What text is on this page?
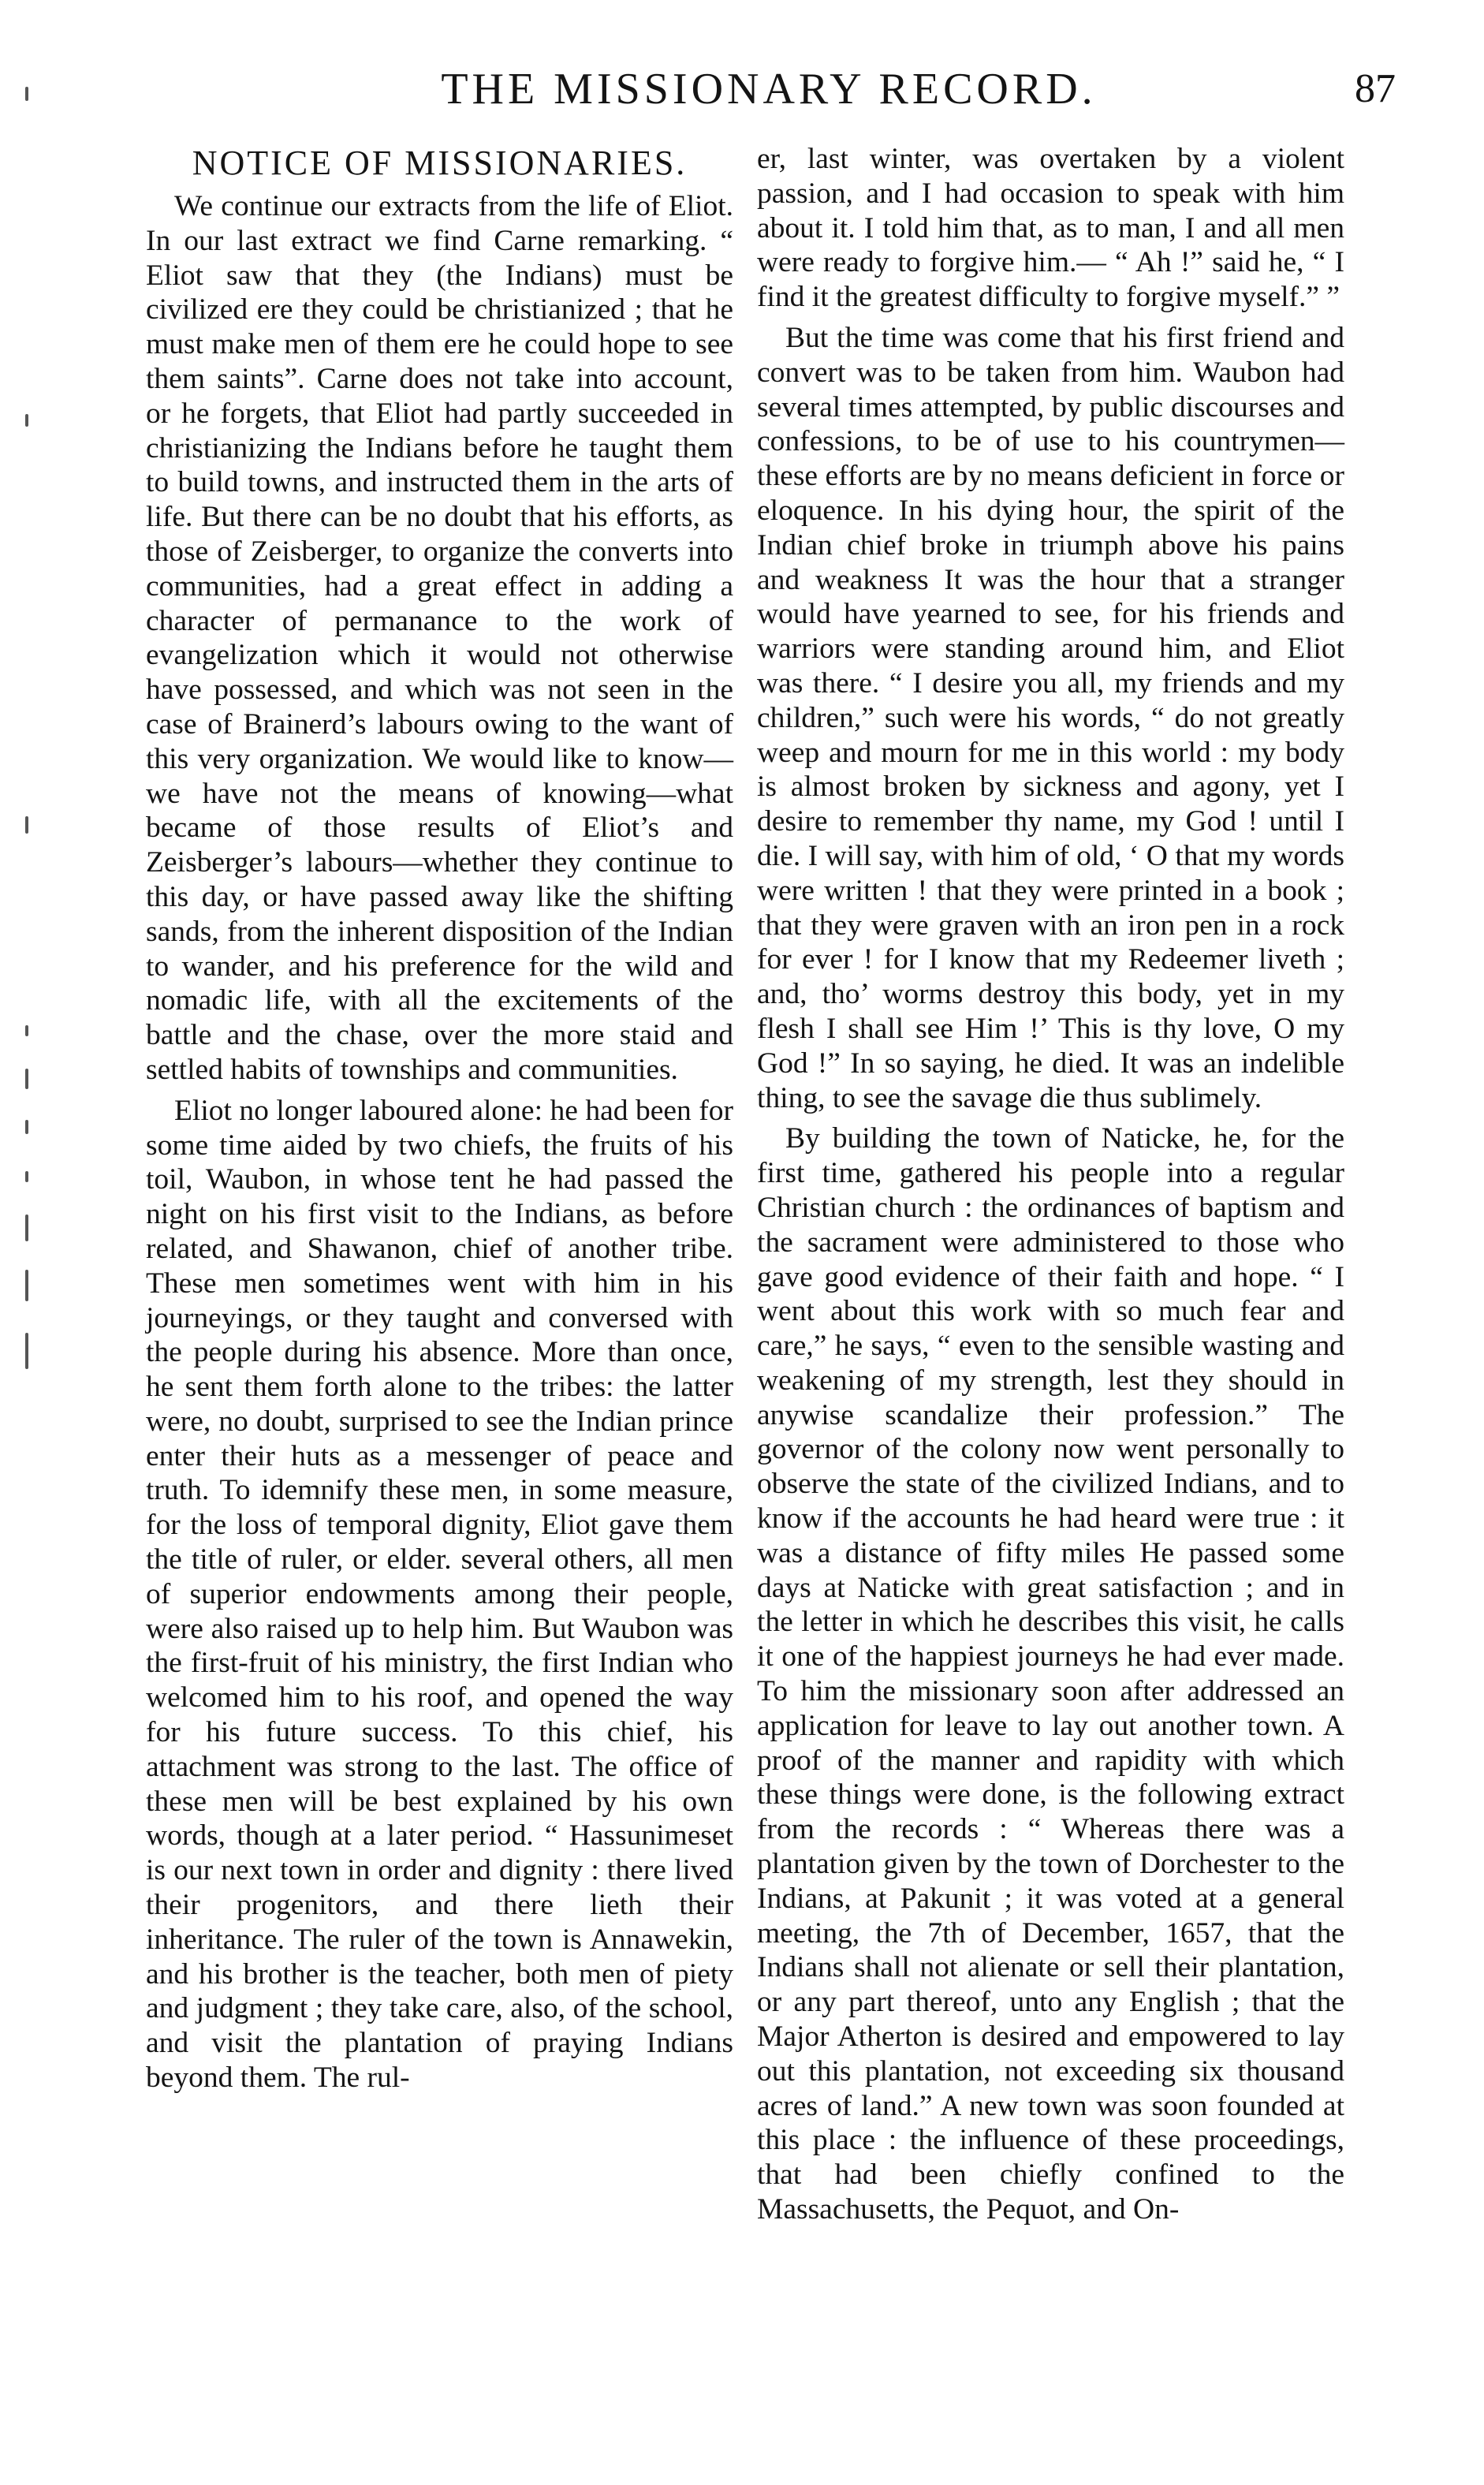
THE MISSIONARY RECORD.	87
NOTICE OF MISSIONARIES.

We continue our extracts from the life of Eliot. In our last extract we find Carne remarking. “ Eliot saw that they (the Indians) must be civilized ere they could be christianized ; that he must make men of them ere he could hope to see them saints”. Carne does not take into account, or he forgets, that Eliot had partly succeeded in christianizing the Indians before he taught them to build towns, and instructed them in the arts of life. But there can be no doubt that his efforts, as those of Zeisberger, to organize the converts into communities, had a great effect in adding a character of permanance to the work of evangelization which it would not otherwise have possessed, and which was not seen in the case of Brainerd’s labours owing to the want of this very organization. We would like to know—we have not the means of knowing—what became of those results of Eliot’s and Zeisberger’s labours—whether they continue to this day, or have passed away like the shifting sands, from the inherent disposition of the Indian to wander, and his preference for the wild and nomadic life, with all the excitements of the battle and the chase, over the more staid and settled habits of townships and communities.

Eliot no longer laboured alone: he had been for some time aided by two chiefs, the fruits of his toil, Waubon, in whose tent he had passed the night on his first visit to the Indians, as before related, and Shawanon, chief of another tribe. These men sometimes went with him in his journeyings, or they taught and conversed with the people during his absence. More than once, he sent them forth alone to the tribes: the latter were, no doubt, surprised to see the Indian prince enter their huts as a messenger of peace and truth. To idemnify these men, in some measure, for the loss of temporal dignity, Eliot gave them the title of ruler, or elder. several others, all men of superior endowments among their people, were also raised up to help him. But Waubon was the first-fruit of his ministry, the first Indian who welcomed him to his roof, and opened the way for his future success. To this chief, his attachment was strong to the last. The office of these men will be best explained by his own words, though at a later period. “ Hassunimeset is our next town in order and dignity : there lived their progenitors, and there lieth their inheritance. The ruler of the town is Annawekin, and his brother is the teacher, both men of piety and judgment ; they take care, also, of the school, and visit the plantation of praying Indians beyond them. The rul-

er, last winter, was overtaken by a violent passion, and I had occasion to speak with him about it. I told him that, as to man, I and all men were ready to forgive him.— “ Ah !” said he, “ I find it the greatest difficulty to forgive myself.” ”

But the time was come that his first friend and convert was to be taken from him. Waubon had several times attempted, by public discourses and confessions, to be of use to his countrymen—these efforts are by no means deficient in force or eloquence. In his dying hour, the spirit of the Indian chief broke in triumph above his pains and weakness It was the hour that a stranger would have yearned to see, for his friends and warriors were standing around him, and Eliot was there. “ I desire you all, my friends and my children,” such were his words, “ do not greatly weep and mourn for me in this world : my body is almost broken by sickness and agony, yet I desire to remember thy name, my God ! until I die. I will say, with him of old, ‘ O that my words were written ! that they were printed in a book ; that they were graven with an iron pen in a rock for ever ! for I know that my Redeemer liveth ; and, tho’ worms destroy this body, yet in my flesh I shall see Him !’ This is thy love, O my God !” In so saying, he died. It was an indelible thing, to see the savage die thus sublimely.

By building the town of Naticke, he, for the first time, gathered his people into a regular Christian church : the ordinances of baptism and the sacrament were administered to those who gave good evidence of their faith and hope. “ I went about this work with so much fear and care,” he says, “ even to the sensible wasting and weakening of my strength, lest they should in anywise scandalize their profession.” The governor of the colony now went personally to observe the state of the civilized Indians, and to know if the accounts he had heard were true : it was a distance of fifty miles He passed some days at Naticke with great satisfaction ; and in the letter in which he describes this visit, he calls it one of the happiest journeys he had ever made. To him the missionary soon after addressed an application for leave to lay out another town. A proof of the manner and rapidity with which these things were done, is the following extract from the records : “ Whereas there was a plantation given by the town of Dorchester to the Indians, at Pakunit ; it was voted at a general meeting, the 7th of December, 1657, that the Indians shall not alienate or sell their plantation, or any part thereof, unto any English ; that the Major Atherton is desired and empowered to lay out this plantation, not exceeding six thousand acres of land.” A new town was soon founded at this place : the influence of these proceedings, that had been chiefly confined to the Massachusetts, the Pequot, and On-
